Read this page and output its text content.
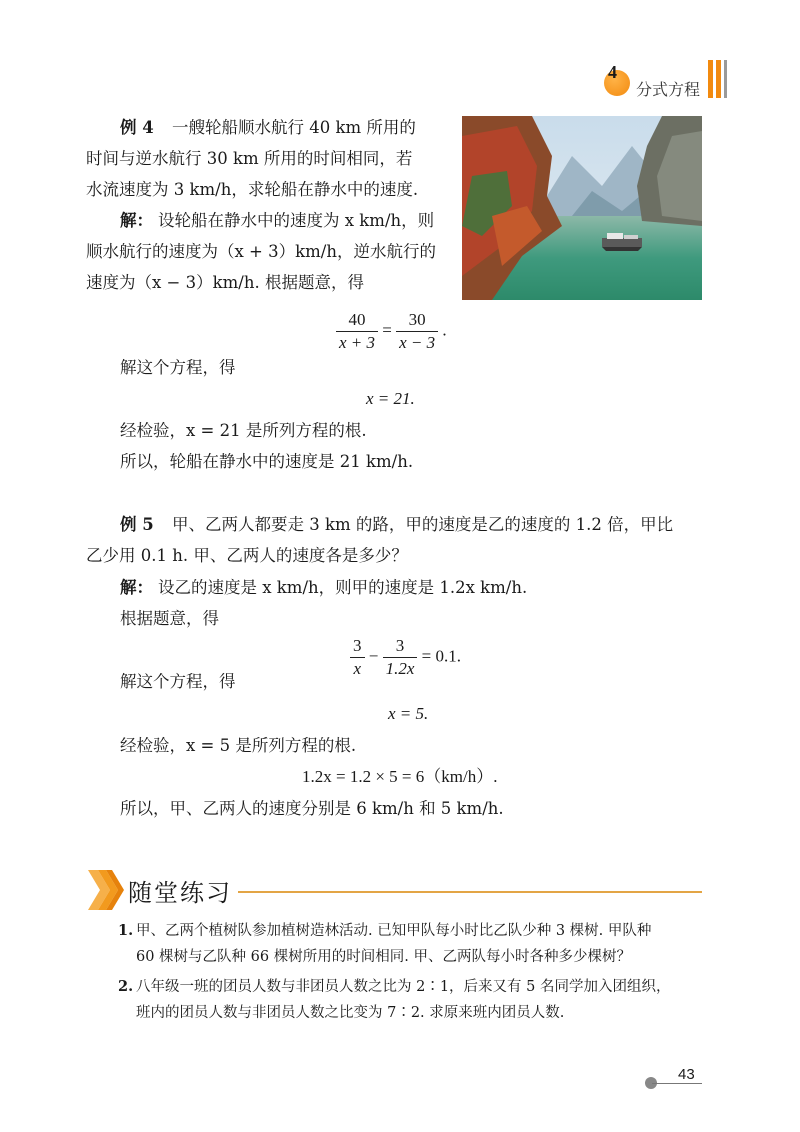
4
分式方程
例 4 一艘轮船顺水航行 40 km 所用的
时间与逆水航行 30 km 所用的时间相同，若
水流速度为 3 km/h，求轮船在静水中的速度.
解： 设轮船在静水中的速度为 x km/h，则
顺水航行的速度为（x + 3）km/h，逆水航行的
速度为（x − 3）km/h. 根据题意，得
$\frac{40}{x + 3} = \frac{30}{x - 3}$ .
解这个方程，得
x = 21.
经检验，x = 21 是所列方程的根.
所以，轮船在静水中的速度是 21 km/h.
例 5 甲、乙两人都要走 3 km 的路，甲的速度是乙的速度的 1.2 倍，甲比
乙少用 0.1 h. 甲、乙两人的速度各是多少？
解： 设乙的速度是 x km/h，则甲的速度是 1.2x km/h.
根据题意，得
$\frac{3}{x} - \frac{3}{1.2x} = 0.1$.
解这个方程，得
x = 5.
经检验，x = 5 是所列方程的根.
1.2x = 1.2 × 5 = 6（km/h）.
所以，甲、乙两人的速度分别是 6 km/h 和 5 km/h.
随堂练习
1. 甲、乙两个植树队参加植树造林活动. 已知甲队每小时比乙队少种 3 棵树. 甲队种
60 棵树与乙队种 66 棵树所用的时间相同. 甲、乙两队每小时各种多少棵树？
2. 八年级一班的团员人数与非团员人数之比为 2∶1，后来又有 5 名同学加入团组织，
班内的团员人数与非团员人数之比变为 7∶2. 求原来班内团员人数.
43
